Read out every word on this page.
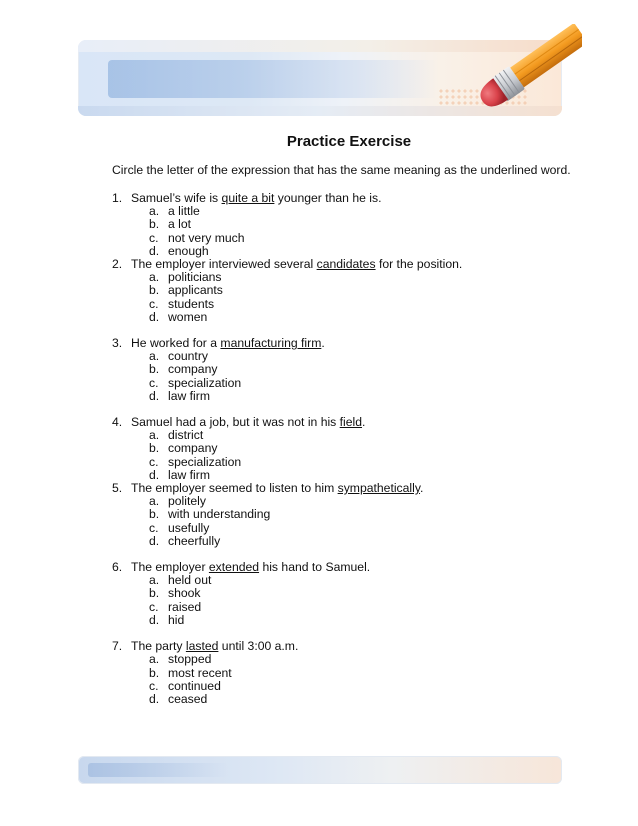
Practice Exercise
Circle the letter of the expression that has the same meaning as the underlined word.
1. Samuel’s wife is quite a bit younger than he is.
a. a little
b. a lot
c. not very much
d. enough
2. The employer interviewed several candidates for the position.
a. politicians
b. applicants
c. students
d. women
3. He worked for a manufacturing firm.
a. country
b. company
c. specialization
d. law firm
4. Samuel had a job, but it was not in his field.
a. district
b. company
c. specialization
d. law firm
5. The employer seemed to listen to him sympathetically.
a. politely
b. with understanding
c. usefully
d. cheerfully
6. The employer extended his hand to Samuel.
a. held out
b. shook
c. raised
d. hid
7. The party lasted until 3:00 a.m.
a. stopped
b. most recent
c. continued
d. ceased
